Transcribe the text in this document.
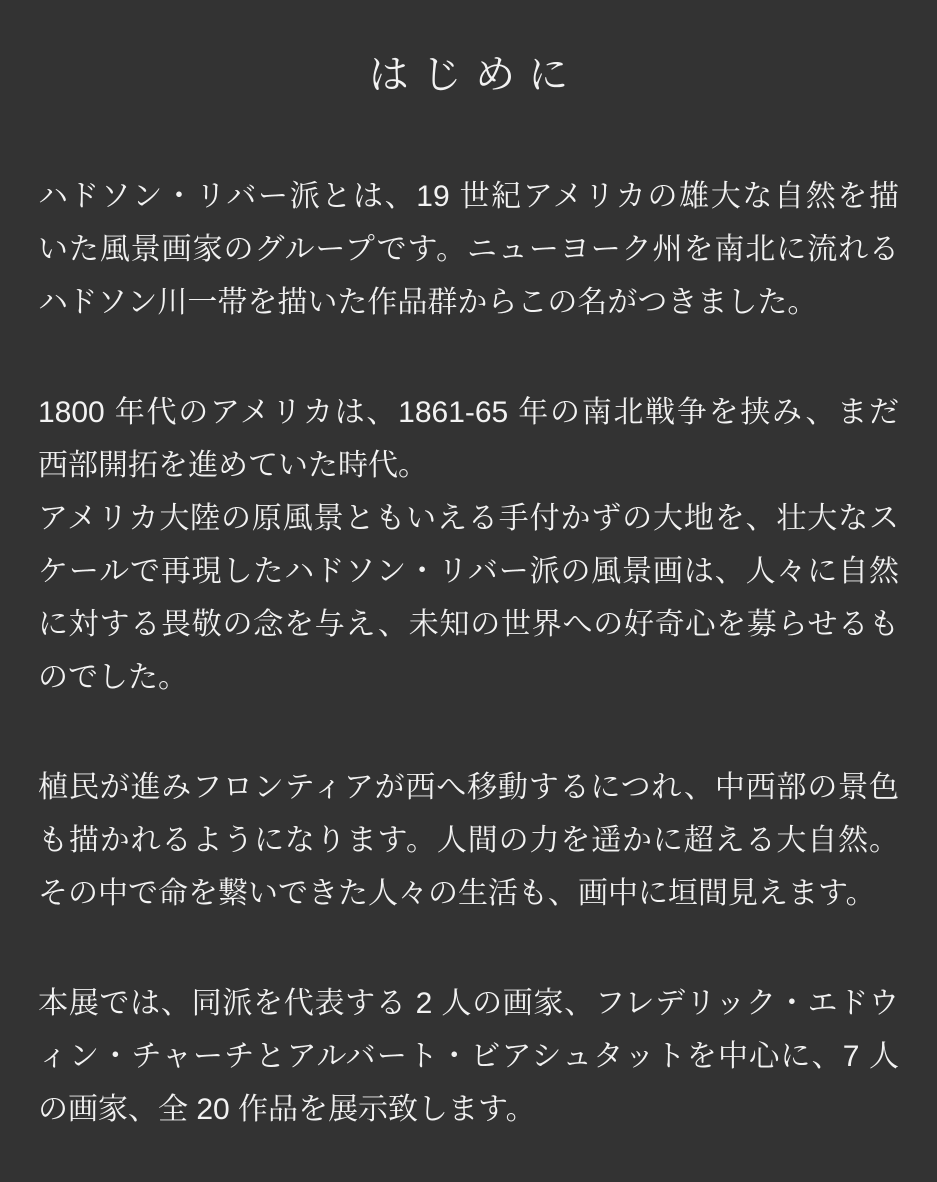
はじめに
ハドソン・リバー派とは、19 世紀アメリカの雄大な自然を描
いた風景画家のグループです。ニューヨーク州を南北に流れる
ハドソン川一帯を描いた作品群からこの名がつきました。
1800 年代のアメリカは、1861-65 年の南北戦争を挟み、まだ
西部開拓を進めていた時代。
アメリカ大陸の原風景ともいえる手付かずの大地を、壮大なス
ケールで再現したハドソン・リバー派の風景画は、人々に自然
に対する畏敬の念を与え、未知の世界への好奇心を募らせるも
のでした。
植民が進みフロンティアが西へ移動するにつれ、中西部の景色
も描かれるようになります。人間の力を遥かに超える大自然。
その中で命を繋いできた人々の生活も、画中に垣間見えます。
本展では、同派を代表する 2 人の画家、フレデリック・エドウ
ィン・チャーチとアルバート・ビアシュタットを中心に、7 人
の画家、全 20 作品を展示致します。
